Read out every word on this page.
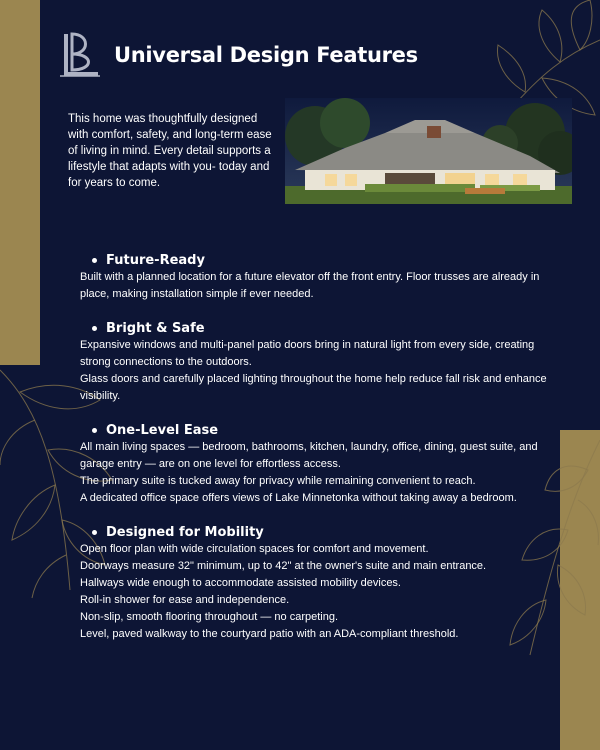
Universal Design Features
This home was thoughtfully designed with comfort, safety, and long-term ease of living in mind. Every detail supports a lifestyle that adapts with you- today and for years to come.
Future-Ready

Built with a planned location for a future elevator off the front entry. Floor trusses are already in place, making installation simple if ever needed.

Bright & Safe

Expansive windows and multi-panel patio doors bring in natural light from every side, creating strong connections to the outdoors.

Glass doors and carefully placed lighting throughout the home help reduce fall risk and enhance visibility.

One-Level Ease

All main living spaces — bedroom, bathrooms, kitchen, laundry, office, dining, guest suite, and garage entry — are on one level for effortless access.

The primary suite is tucked away for privacy while remaining convenient to reach.

A dedicated office space offers views of Lake Minnetonka without taking away a bedroom.

Designed for Mobility

Open floor plan with wide circulation spaces for comfort and movement.

Doorways measure 32" minimum, up to 42" at the owner's suite and main entrance.

Hallways wide enough to accommodate assisted mobility devices.

Roll-in shower for ease and independence.

Non-slip, smooth flooring throughout — no carpeting.

Level, paved walkway to the courtyard patio with an ADA-compliant threshold.
